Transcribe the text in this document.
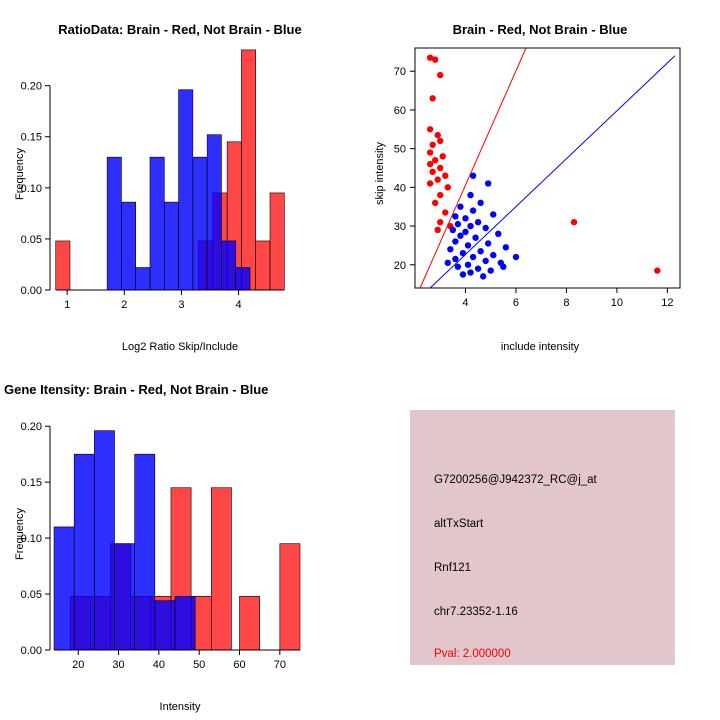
RatioData: Brain - Red, Not Brain - Blue
Frequency
Log2 Ratio Skip/Include
0.00
0.05
0.10
0.15
0.20
1	2	3	4
Brain - Red, Not Brain - Blue
skip intensity
include intensity
4	6	8	10	12
20
30
40
50
60
70
Gene Itensity: Brain - Red, Not Brain - Blue
Frequency
Intensity
0.00
0.05
0.10
0.15
0.20
20	30	40	50	60	70
G7200256@J942372_RC@j_at
altTxStart
Rnf121
chr7.23352-1.16
Pval: 2.000000
